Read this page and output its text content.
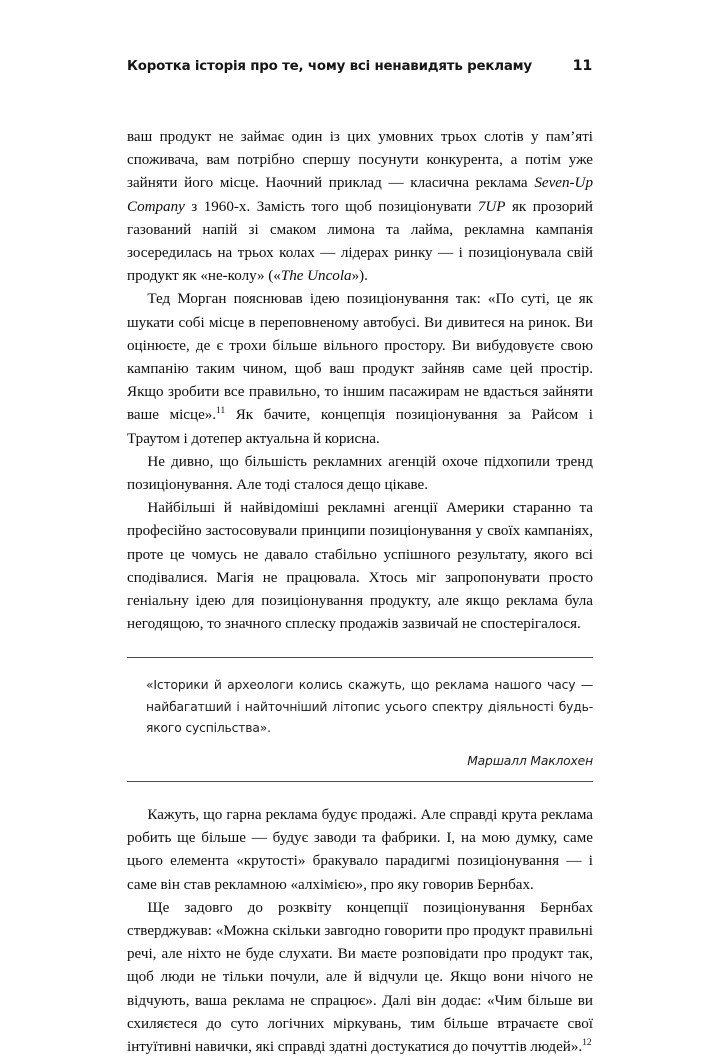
Коротка історія про те, чому всі ненавидять рекламу	11

ваш продукт не займає один із цих умовних трьох слотів у пам’яті споживача, вам потрібно спершу посунути конкурента, а потім уже зайняти його місце. Наочний приклад — класична реклама Seven-Up Company з 1960-х. Замість того щоб позиціонувати 7UP як прозорий газований напій зі смаком лимона та лайма, рекламна кампанія зосередилась на трьох колах — лідерах ринку — і позиціонувала свій продукт як «не-колу» («The Uncola»).

Тед Морган пояснював ідею позиціонування так: «По суті, це як шукати собі місце в переповненому автобусі. Ви дивитеся на ринок. Ви оцінюєте, де є трохи більше вільного простору. Ви вибудовуєте свою кампанію таким чином, щоб ваш продукт зайняв саме цей простір. Якщо зробити все правильно, то іншим пасажирам не вдасться зайняти ваше місце».$^{11}$ Як бачите, концепція позиціонування за Райсом і Траутом і дотепер актуальна й корисна.

Не дивно, що більшість рекламних агенцій охоче підхопили тренд позиціонування. Але тоді сталося дещо цікаве.

Найбільші й найвідоміші рекламні агенції Америки старанно та професійно застосовували принципи позиціонування у своїх кампаніях, проте це чомусь не давало стабільно успішного результату, якого всі сподівалися. Магія не працювала. Хтось міг запропонувати просто геніальну ідею для позиціонування продукту, але якщо реклама була негодящою, то значного сплеску продажів зазвичай не спостерігалося.

«Історики й археологи колись скажуть, що реклама нашого часу — найбагатший і найточніший літопис усього спектру діяльності будь-якого суспільства».

Маршалл Маклохен

Кажуть, що гарна реклама будує продажі. Але справді крута реклама робить ще більше — будує заводи та фабрики. І, на мою думку, саме цього елемента «крутості» бракувало парадигмі позиціонування — і саме він став рекламною «алхімією», про яку говорив Бернбах.

Ще задовго до розквіту концепції позиціонування Бернбах стверджував: «Можна скільки завгодно говорити про продукт правильні речі, але ніхто не буде слухати. Ви маєте розповідати про продукт так, щоб люди не тільки почули, але й відчули це. Якщо вони нічого не відчують, ваша реклама не спрацює». Далі він додає: «Чим більше ви схиляєтеся до суто логічних міркувань, тим більше втрачаєте свої інтуїтивні навички, які справді здатні достукатися до почуттів людей».$^{12}$
